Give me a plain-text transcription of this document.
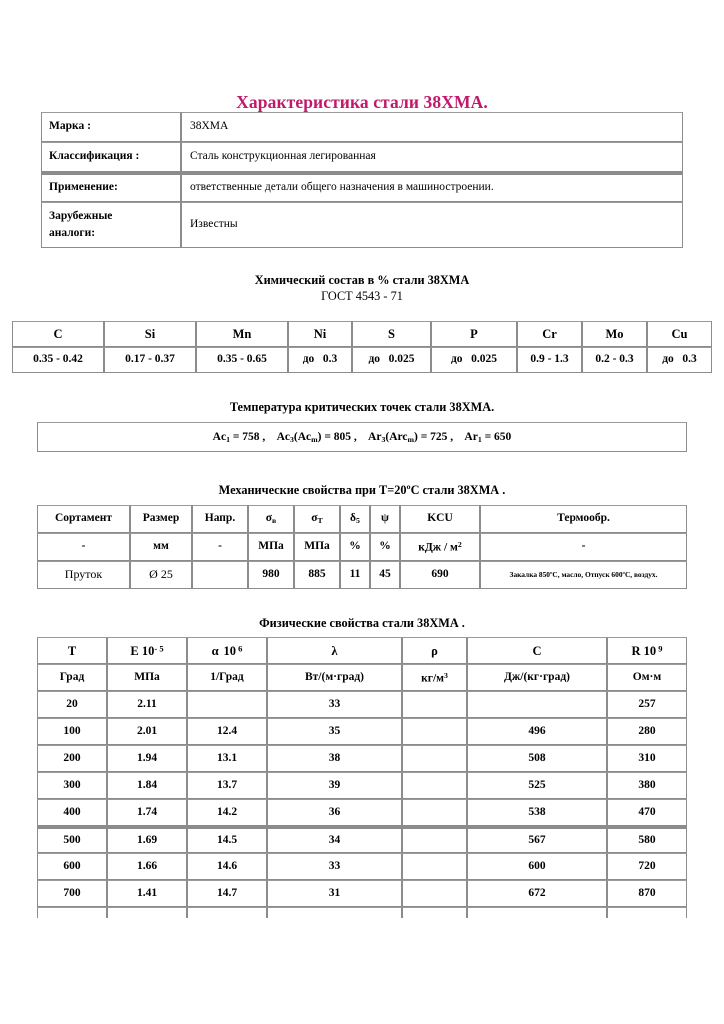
Характеристика стали 38ХМА.
Марка :	38ХМА
Классификация :	Сталь конструкционная легированная
Применение:	ответственные детали общего назначения в машиностроении.

Зарубежные
аналоги:	Известны
Химический состав в % стали 38ХМА
ГОСТ 4543 - 71
C	Si	Mn	Ni	S	P	Cr	Mo	Cu
0.35 - 0.42	0.17 - 0.37	0.35 - 0.65	до   0.3	до   0.025	до   0.025	0.9 - 1.3	0.2 - 0.3	до   0.3
Температура критических точек стали 38ХМА.
$Ac_1 = 758$ , $Ac_3(Ac_m) = 805$ , $Ar_3(Arc_m) = 725$ , $Ar_1 = 650$
Механические свойства при T=20ºС стали 38ХМА .
Сортамент	Размер	Напр.	$\sigma_в$	$\sigma_T$	$\delta_5$	ψ	KCU	Термообр.
-	мм	-	МПа	МПа	%	%	кДж / $м^2$	-
Пруток	Ø 25		980	885	11	45	690	Закалка 850ºС, масло, Отпуск 600ºС, воздух.
Физические свойства стали 38ХМА .
T	E $10^{- 5}$	α 10 $^6$	λ	ρ	C	R 10 $^9$
Град	МПа	1/Град	Вт/(м·град)	$кг/м^3$	Дж/(кг·град)	Ом·м
20	2.11		33			257
100	2.01	12.4	35		496	280
200	1.94	13.1	38		508	310
300	1.84	13.7	39		525	380
400	1.74	14.2	36		538	470
500	1.69	14.5	34		567	580
600	1.66	14.6	33		600	720
700	1.41	14.7	31		672	870
